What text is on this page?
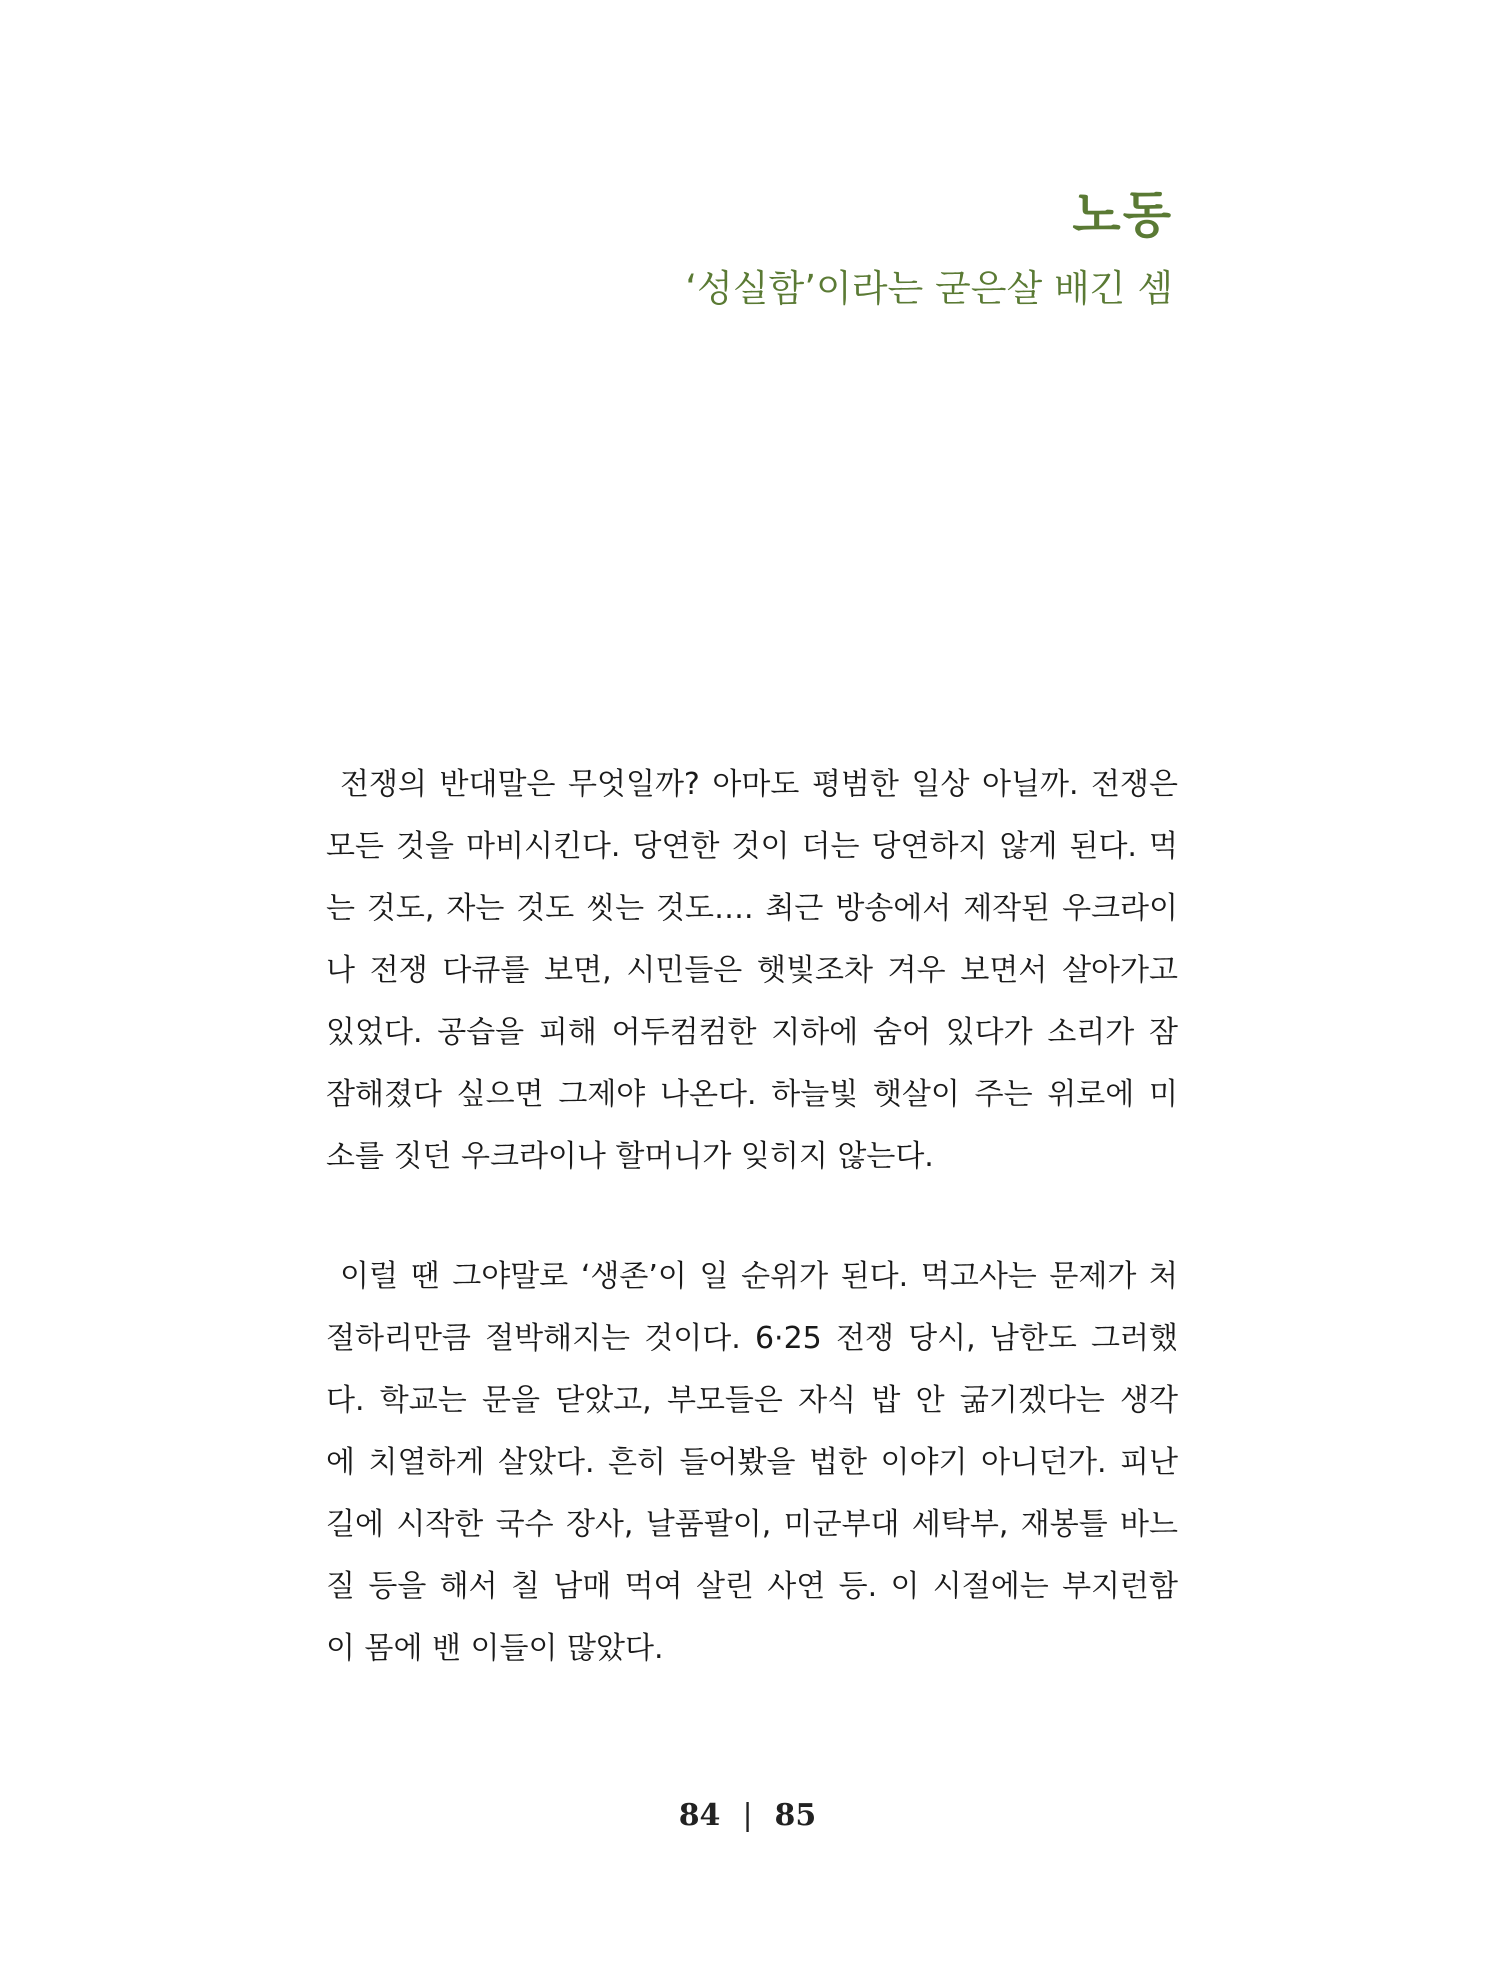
노동
‘성실함’이라는 굳은살 배긴 셈

전쟁의 반대말은 무엇일까? 아마도 평범한 일상 아닐까. 전쟁은
모든 것을 마비시킨다. 당연한 것이 더는 당연하지 않게 된다. 먹
는 것도, 자는 것도 씻는 것도…. 최근 방송에서 제작된 우크라이
나 전쟁 다큐를 보면, 시민들은 햇빛조차 겨우 보면서 살아가고
있었다. 공습을 피해 어두컴컴한 지하에 숨어 있다가 소리가 잠
잠해졌다 싶으면 그제야 나온다. 하늘빛 햇살이 주는 위로에 미
소를 짓던 우크라이나 할머니가 잊히지 않는다.

이럴 땐 그야말로 ‘생존’이 일 순위가 된다. 먹고사는 문제가 처
절하리만큼 절박해지는 것이다. 6·25 전쟁 당시, 남한도 그러했
다. 학교는 문을 닫았고, 부모들은 자식 밥 안 굶기겠다는 생각
에 치열하게 살았다. 흔히 들어봤을 법한 이야기 아니던가. 피난
길에 시작한 국수 장사, 날품팔이, 미군부대 세탁부, 재봉틀 바느
질 등을 해서 칠 남매 먹여 살린 사연 등. 이 시절에는 부지런함
이 몸에 밴 이들이 많았다.

84 | 85
